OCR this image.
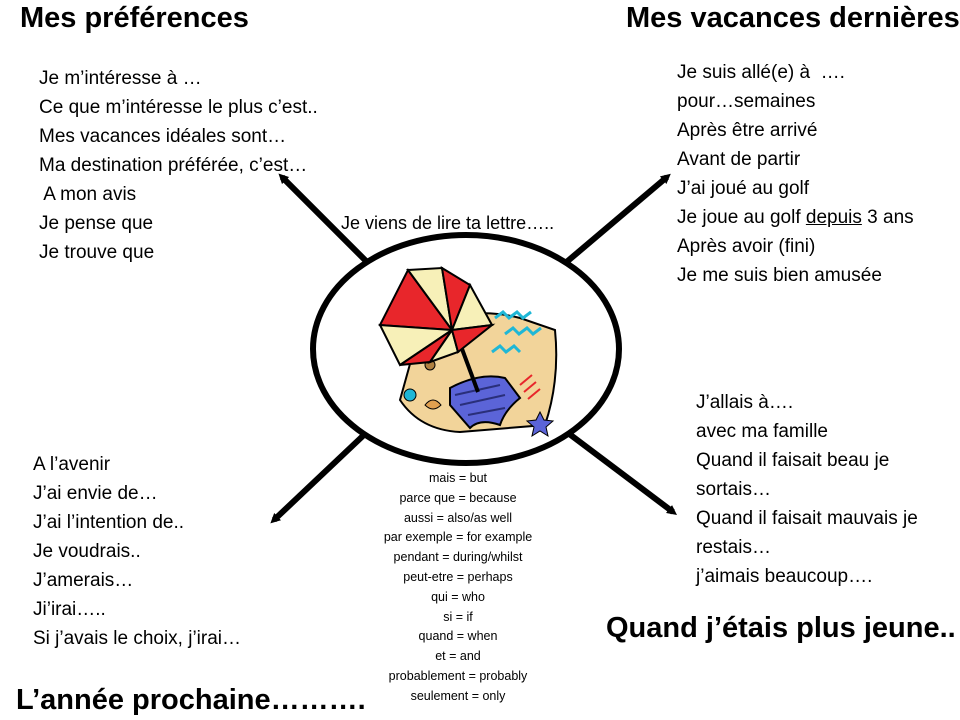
Mes préférences	Mes vacances dernières
Quand j’étais plus jeune..
L’année prochaine……….
Je m’intéresse à …
Ce que m’intéresse le plus c’est..
Mes vacances idéales sont…
Ma destination préférée, c’est…
A mon avis
Je pense que
Je trouve que
Je suis allé(e) à  ….
pour…semaines
Après être arrivé
Avant de partir
J’ai joué au golf
Je joue au golf depuis 3 ans
Après avoir (fini)
Je me suis bien amusée
Je viens de lire ta lettre…..
J’allais à….
avec ma famille
Quand il faisait beau je
sortais…
Quand il faisait mauvais je
restais…
j’aimais beaucoup….
A l’avenir
J’ai envie de…
J’ai l’intention de..
Je voudrais..
J’amerais…
Ji’irai…..
Si j’avais le choix, j’irai…
mais = but
parce que = because
aussi = also/as well
par exemple = for example
pendant = during/whilst
peut-etre = perhaps
qui = who
si = if
quand = when
et = and
probablement = probably
seulement = only
